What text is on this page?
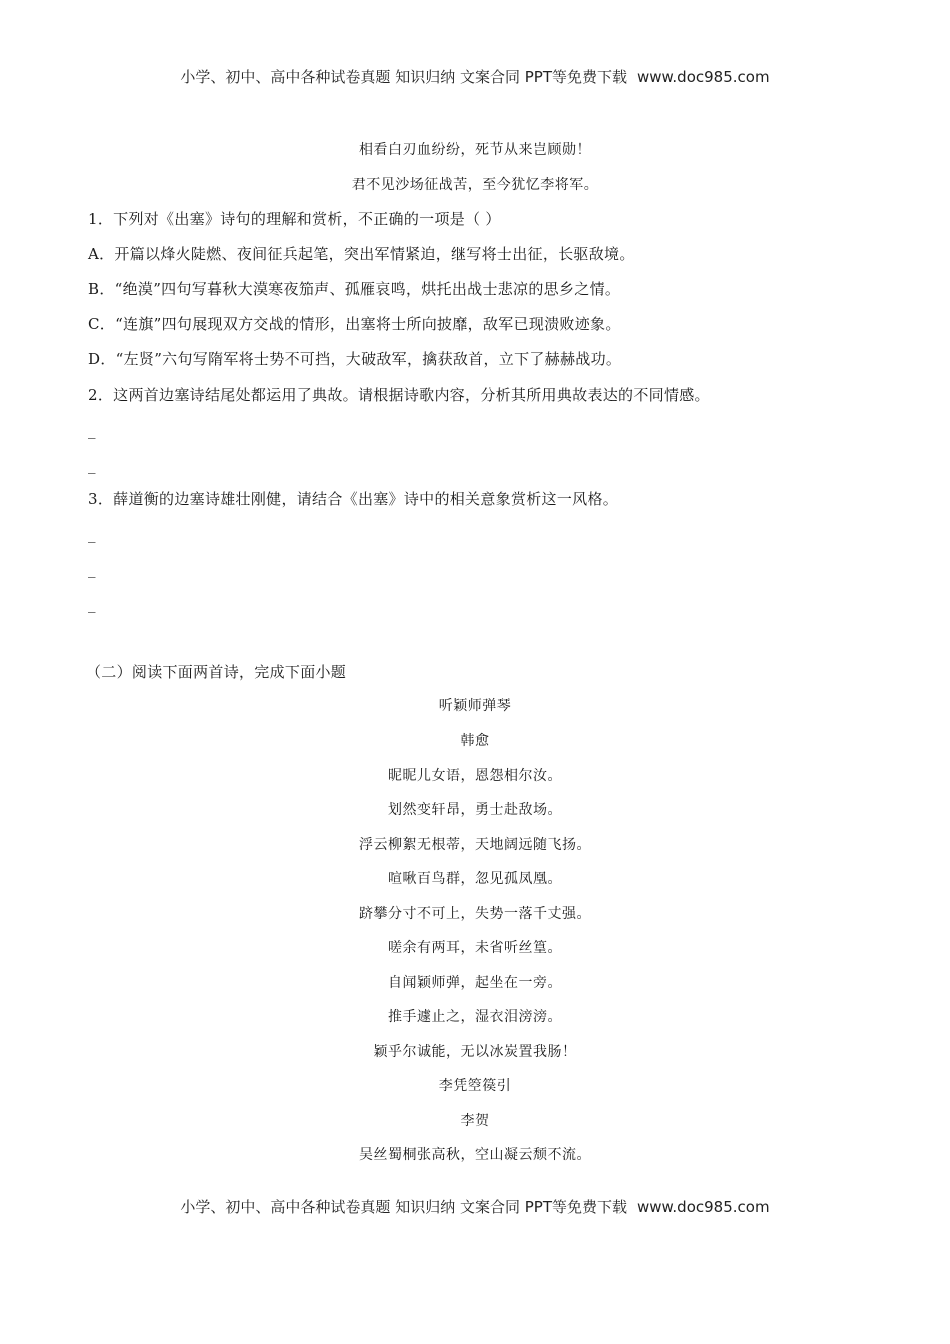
小学、初中、高中各种试卷真题 知识归纳 文案合同 PPT等免费下载 www.doc985.com
相看白刃血纷纷，死节从来岂顾勋！
君不见沙场征战苦，至今犹忆李将军。
1．下列对《出塞》诗句的理解和赏析，不正确的一项是（ ）
A．开篇以烽火陡燃、夜间征兵起笔，突出军情紧迫，继写将士出征，长驱敌境。
B．“绝漠”四句写暮秋大漠寒夜笳声、孤雁哀鸣，烘托出战士悲凉的思乡之情。
C．“连旗”四句展现双方交战的情形，出塞将士所向披靡，敌军已现溃败迹象。
D．“左贤”六句写隋军将士势不可挡，大破敌军，擒获敌首，立下了赫赫战功。
2．这两首边塞诗结尾处都运用了典故。请根据诗歌内容，分析其所用典故表达的不同情感。
_
_
3．薛道衡的边塞诗雄壮刚健，请结合《出塞》诗中的相关意象赏析这一风格。
_
_
_
（二）阅读下面两首诗，完成下面小题
听颖师弹琴
韩愈
昵昵儿女语，恩怨相尔汝。
划然变轩昂，勇士赴敌场。
浮云柳絮无根蒂，天地阔远随飞扬。
喧啾百鸟群，忽见孤凤凰。
跻攀分寸不可上，失势一落千丈强。
嗟余有两耳，未省听丝篁。
自闻颖师弹，起坐在一旁。
推手遽止之，湿衣泪滂滂。
颖乎尔诚能，无以冰炭置我肠！
李凭箜篌引
李贺
吴丝蜀桐张高秋，空山凝云颓不流。
小学、初中、高中各种试卷真题 知识归纳 文案合同 PPT等免费下载 www.doc985.com
